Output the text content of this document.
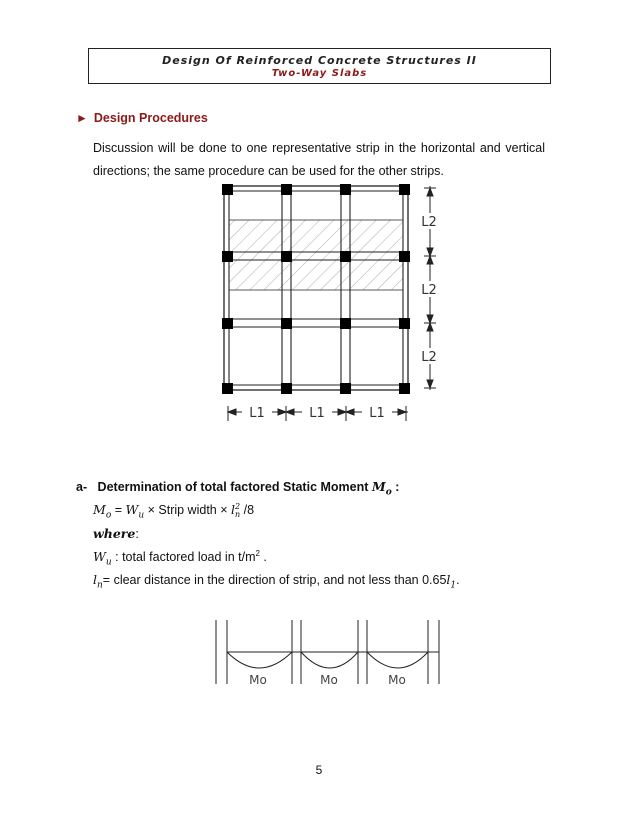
Design Of Reinforced Concrete Structures II
Two-Way Slabs
► Design Procedures
Discussion will be done to one representative strip in the horizontal and vertical
directions; the same procedure can be used for the other strips.
L2
L2
L2
L1	L1	L1
a- Determination of total factored Static Moment $M_o$ :
$M_o = W_u$ × Strip width × l 2
n /8
where:
$W_u$ : total factored load in $t/m^2$ .
$l_n=$ clear distance in the direction of strip, and not less than $0.65l_1$.
Mo	Mo	Mo
5
